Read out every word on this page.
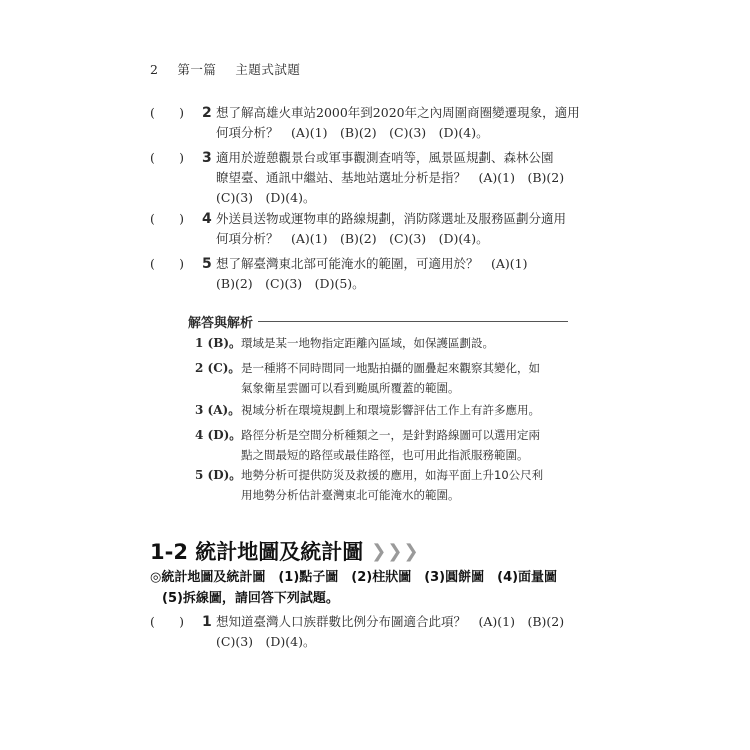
2 第一篇 主題式試題
( ) 2 想了解高雄火車站2000年到2020年之內周圍商圈變遷現象，適用
何項分析？　(A)(1)　(B)(2)　(C)(3)　(D)(4)。
( ) 3 適用於遊憩觀景台或軍事觀測查哨等，風景區規劃、森林公園
瞭望臺、通訊中繼站、基地站選址分析是指？　(A)(1)　(B)(2)
(C)(3)　(D)(4)。
( ) 4 外送員送物或運物車的路線規劃，消防隊選址及服務區劃分適用
何項分析？　(A)(1)　(B)(2)　(C)(3)　(D)(4)。
( ) 5 想了解臺灣東北部可能淹水的範圍，可適用於？　(A)(1)
(B)(2)　(C)(3)　(D)(5)。
解答與解析
1 (B)。 環域是某一地物指定距離內區域，如保護區劃設。
2 (C)。 是一種將不同時間同一地點拍攝的圖疊起來觀察其變化，如
氣象衛星雲圖可以看到颱風所覆蓋的範圍。
3 (A)。 視域分析在環境規劃上和環境影響評估工作上有許多應用。
4 (D)。 路徑分析是空間分析種類之一，是針對路線圖可以選用定兩
點之間最短的路徑或最佳路徑，也可用此指派服務範圍。
5 (D)。 地勢分析可提供防災及救援的應用，如海平面上升10公尺利
用地勢分析估計臺灣東北可能淹水的範圍。
1-2 統計地圖及統計圖 ❯ ❯ ❯
◎統計地圖及統計圖　(1)點子圖　(2)柱狀圖　(3)圓餅圖　(4)面量圖
(5)拆線圖，請回答下列試題。
( ) 1 想知道臺灣人口族群數比例分布圖適合此項？　(A)(1)　(B)(2)
(C)(3)　(D)(4)。
